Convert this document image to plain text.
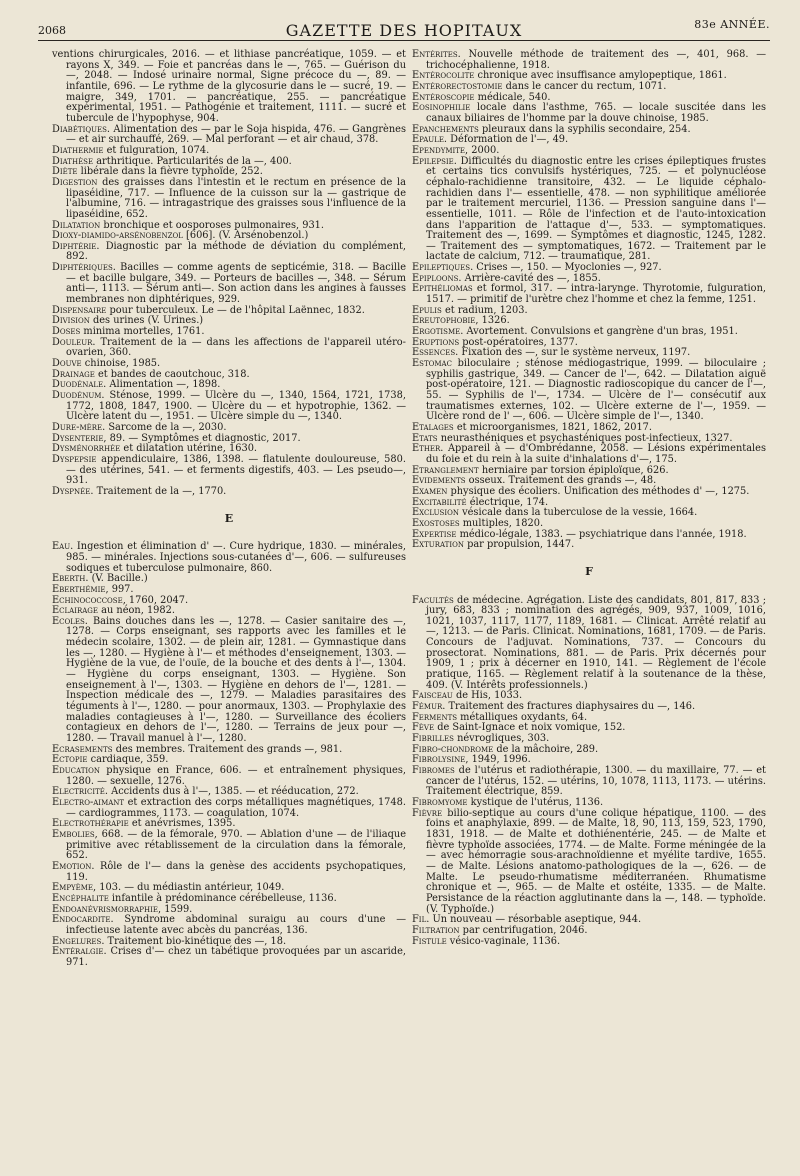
2068	GAZETTE DES HOPITAUX	83e ANNÉE.

ventions chirurgicales, 2016. — et lithiase pancréatique, 1059. — et rayons X, 349. — Foie et pancréas dans le —, 765. — Guérison du —, 2048. — Indosé urinaire normal, Signe précoce du —, 89. — infantile, 696. — Le rythme de la glycosurie dans le — sucré, 19. — maigre, 349, 1701. — pancréatique, 255. — pancréatique expérimental, 1951. — Pathogénie et traitement, 1111. — sucré et tubercule de l'hypophyse, 904.

Diabétiques. Alimentation des — par le Soja hispida, 476. — Gangrènes — et air surchauffé, 269. — Mal perforant — et air chaud, 378.

Diathermie et fulguration, 1074.

Diathèse arthritique. Particularités de la —, 400.

Diète libérale dans la fièvre typhoïde, 252.

Digestion des graisses dans l'intestin et le rectum en présence de la lipaséidine, 717. — Influence de la cuisson sur la — gastrique de l'albumine, 716. — intragastrique des graisses sous l'influence de la lipaséidine, 652.

Dilatation bronchique et oosporoses pulmonaires, 931.

Dioxy-diamido-arsénobenzol [606]. (V. Arsénobenzol.)

Diphtérie. Diagnostic par la méthode de déviation du complément, 892.

Diphtériques. Bacilles — comme agents de septicémie, 318. — Bacille — et bacille bulgare, 349. — Porteurs de bacilles —, 348. — Sérum anti—, 1113. — Sérum anti—. Son action dans les angines à fausses membranes non diphtériques, 929.

Dispensaire pour tuberculeux. Le — de l'hôpital Laënnec, 1832.

Division des urines (V. Urines.)

Doses minima mortelles, 1761.

Douleur. Traitement de la — dans les affections de l'appareil utéro-ovarien, 360.

Douve chinoise, 1985.

Drainage et bandes de caoutchouc, 318.

Duodénale. Alimentation —, 1898.

Duodénum. Sténose, 1999. — Ulcère du —, 1340, 1564, 1721, 1738, 1772, 1808, 1847, 1900. — Ulcère du — et hypotrophie, 1362. — Ulcère latent du —, 1951. — Ulcère simple du —, 1340.

Dure-mère. Sarcome de la —, 2030.

Dysenterie, 89. — Symptômes et diagnostic, 2017.

Dysménorrhée et dilatation utérine, 1630.

Dyspepsie appendiculaire, 1386, 1398. — flatulente douloureuse, 580. — des utérines, 541. — et ferments digestifs, 403. — Les pseudo—, 931.

Dyspnée. Traitement de la —, 1770.

E

Eau. Ingestion et élimination d' —. Cure hydrique, 1830. — minérales, 985. — minérales. Injections sous-cutanées d'—, 606. — sulfureuses sodiques et tuberculose pulmonaire, 860.

Eberth. (V. Bacille.)

Eberthémie, 997.

Echinococcose, 1760, 2047.

Eclairage au néon, 1982.

Ecoles. Bains douches dans les —, 1278. — Casier sanitaire des —, 1278. — Corps enseignant, ses rapports avec les familles et le médecin scolaire, 1302. — de plein air, 1281. — Gymnastique dans les —, 1280. — Hygiène à l'— et méthodes d'enseignement, 1303. — Hygiène de la vue, de l'ouïe, de la bouche et des dents à l'—, 1304. — Hygiène du corps enseignant, 1303. — Hygiène. Son enseignement à l'—, 1303. — Hygiène en dehors de l'—, 1281. — Inspection médicale des —, 1279. — Maladies parasitaires des téguments à l'—, 1280. — pour anormaux, 1303. — Prophylaxie des maladies contagieuses à l'—, 1280. — Surveillance des écoliers contagieux en dehors de l'—, 1280. — Terrains de jeux pour —, 1280. — Travail manuel à l'—, 1280.

Ecrasements des membres. Traitement des grands —, 981.

Ectopie cardiaque, 359.

Education physique en France, 606. — et entraînement physiques, 1280. — sexuelle, 1276.

Electricité. Accidents dus à l'—, 1385. — et rééducation, 272.

Electro-aimant et extraction des corps métalliques magnétiques, 1748. — cardiogrammes, 1173. — coagulation, 1074.

Electrothérapie et anévrismes, 1395.

Embolies, 668. — de la fémorale, 970. — Ablation d'une — de l'iliaque primitive avec rétablissement de la circulation dans la fémorale, 652.

Emotion. Rôle de l'— dans la genèse des accidents psychopatiques, 119.

Empyème, 103. — du médiastin antérieur, 1049.

Encéphalite infantile à prédominance cérébelleuse, 1136.

Endoanévrismorraphie, 1599.

Endocardite. Syndrome abdominal suraigu au cours d'une — infectieuse latente avec abcès du pancréas, 136.

Engelures. Traitement bio-kinétique des —, 18.

Entéralgie. Crises d'— chez un tabétique provoquées par un ascaride, 971.

Entérites. Nouvelle méthode de traitement des —, 401, 968. — trichocéphalienne, 1918.

Entérocolite chronique avec insuffisance amylopeptique, 1861.

Entérorectostomie dans le cancer du rectum, 1071.

Entéroscopie médicale, 540.

Eosinophilie locale dans l'asthme, 765. — locale suscitée dans les canaux biliaires de l'homme par la douve chinoise, 1985.

Epanchements pleuraux dans la syphilis secondaire, 254.

Epaule. Déformation de l'—, 49.

Ependymite, 2000.

Epilepsie. Difficultés du diagnostic entre les crises épileptiques frustes et certains tics convulsifs hystériques, 725. — et polynucléose céphalo-rachidienne transitoire, 432. — Le liquide céphalo-rachidien dans l'— essentielle, 478. — non syphilitique améliorée par le traitement mercuriel, 1136. — Pression sanguine dans l'— essentielle, 1011. — Rôle de l'infection et de l'auto-intoxication dans l'apparition de l'attaque d'—, 533. — symptomatiques. Traitement des —, 1699. — Symptômes et diagnostic, 1245, 1282. — Traitement des — symptomatiques, 1672. — Traitement par le lactate de calcium, 712. — traumatique, 281.

Epileptiques. Crises —, 150. — Myoclonies —, 927.

Epiploons. Arrière-cavité des —, 1855.

Epithéliomas et formol, 317. — intra-larynge. Thyrotomie, fulguration, 1517. — primitif de l'urètre chez l'homme et chez la femme, 1251.

Epulis et radium, 1203.

Ereutophobie, 1326.

Ergotisme. Avortement. Convulsions et gangrène d'un bras, 1951.

Eruptions post-opératoires, 1377.

Essences. Fixation des —, sur le système nerveux, 1197.

Estomac biloculaire ; sténose médiogastrique, 1999. — biloculaire ; syphilis gastrique, 349. — Cancer de l'—, 642. — Dilatation aiguë post-opératoire, 121. — Diagnostic radioscopique du cancer de l'—, 55. — Syphilis de l'—, 1734. — Ulcère de l'— consécutif aux traumatismes externes, 102. — Ulcère externe de l'—, 1959. — Ulcère rond de l' —, 606. — Ulcère simple de l'—, 1340.

Etalages et microorganismes, 1821, 1862, 2017.

Etats neurasthéniques et psychasténiques post-infectieux, 1327.

Ether. Appareil à — d'Ombrédanne, 2058. — Lésions expérimentales du foie et du rein à la suite d'inhalations d'—, 175.

Etranglement herniaire par torsion épiploïque, 626.

Evidements osseux. Traitement des grands —, 48.

Examen physique des écoliers. Unification des méthodes d' —, 1275.

Excitabilité électrique, 174.

Exclusion vésicale dans la tuberculose de la vessie, 1664.

Exostoses multiples, 1820.

Expertise médico-légale, 1383. — psychiatrique dans l'année, 1918.

Exturation par propulsion, 1447.

F

Facultés de médecine. Agrégation. Liste des candidats, 801, 817, 833 ; jury, 683, 833 ; nomination des agrégés, 909, 937, 1009, 1016, 1021, 1037, 1117, 1177, 1189, 1681. — Clinicat. Arrêté relatif au —, 1213. — de Paris. Clinicat. Nominations, 1681, 1709. — de Paris. Concours de l'adjuvat. Nominations, 737. — Concours du prosectorat. Nominations, 881. — de Paris. Prix décernés pour 1909, 1 ; prix à décerner en 1910, 141. — Règlement de l'école pratique, 1165. — Règlement relatif à la soutenance de la thèse, 409. (V. Intérêts professionnels.)

Faisceau de His, 1033.

Fémur. Traitement des fractures diaphysaires du —, 146.

Ferments métalliques oxydants, 64.

Fève de Saint-Ignace et noix vomique, 152.

Fibrilles névrogliques, 303.

Fibro-chondrome de la mâchoire, 289.

Fibrolysine, 1949, 1996.

Fibromes de l'utérus et radiothérapie, 1300. — du maxillaire, 77. — et cancer de l'utérus, 152. — utérins, 10, 1078, 1113, 1173. — utérins. Traitement électrique, 859.

Fibromyome kystique de l'utérus, 1136.

Fièvre bilio-septique au cours d'une colique hépatique, 1100. — des foins et anaphylaxie, 899. — de Malte, 18, 90, 113, 159, 523, 1790, 1831, 1918. — de Malte et dothiénentérie, 245. — de Malte et fièvre typhoïde associées, 1774. — de Malte. Forme méningée de la — avec hémorragie sous-arachnoïdienne et myélite tardive, 1655. — de Malte. Lésions anatomo-pathologiques de la —, 626. — de Malte. Le pseudo-rhumatisme méditerranéen. Rhumatisme chronique et —, 965. — de Malte et ostéite, 1335. — de Malte. Persistance de la réaction agglutinante dans la —, 148. — typhoïde. (V. Typhoïde.)

Fil. Un nouveau — résorbable aseptique, 944.

Filtration par centrifugation, 2046.

Fistule vésico-vaginale, 1136.
